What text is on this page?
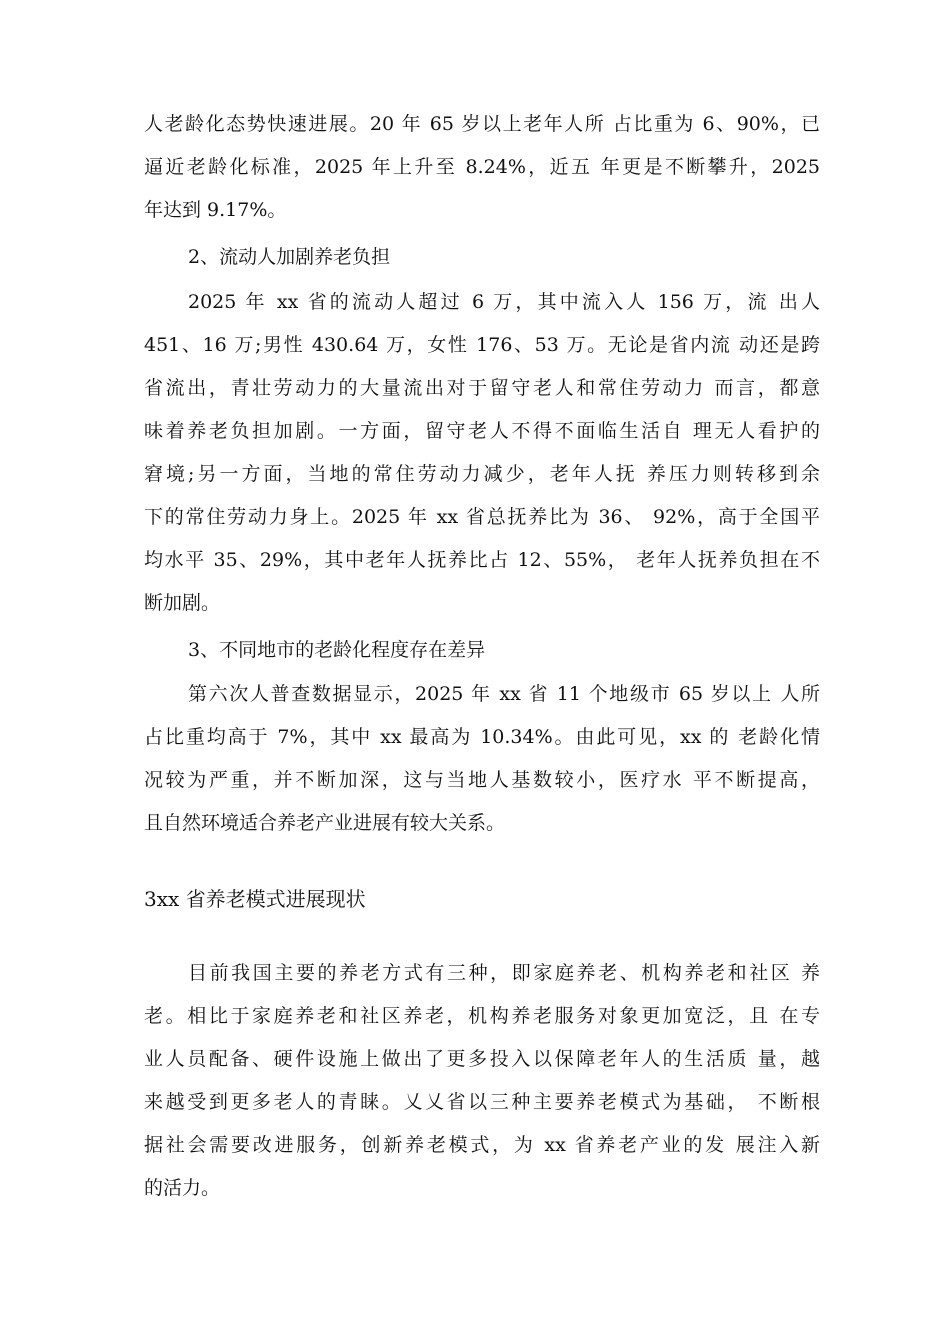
人老龄化态势快速进展。20 年 65 岁以上老年人所 占比重为 6、90%，已
逼近老龄化标准，2025 年上升至 8.24%，近五 年更是不断攀升，2025
年达到 9.17%。
2、流动人加剧养老负担
2025 年 xx 省的流动人超过 6 万，其中流入人 156 万，流 出人
451、16 万;男性 430.64 万，女性 176、53 万。无论是省内流 动还是跨
省流出，青壮劳动力的大量流出对于留守老人和常住劳动力 而言，都意
味着养老负担加剧。一方面，留守老人不得不面临生活自 理无人看护的
窘境;另一方面，当地的常住劳动力减少，老年人抚 养压力则转移到余
下的常住劳动力身上。2025 年 xx 省总抚养比为 36、 92%，高于全国平
均水平 35、29%，其中老年人抚养比占 12、55%， 老年人抚养负担在不
断加剧。
3、不同地市的老龄化程度存在差异
第六次人普查数据显示，2025 年 xx 省 11 个地级市 65 岁以上 人所
占比重均高于 7%，其中 xx 最高为 10.34%。由此可见，xx 的 老龄化情
况较为严重，并不断加深，这与当地人基数较小，医疗水 平不断提高，
且自然环境适合养老产业进展有较大关系。
3xx 省养老模式进展现状
目前我国主要的养老方式有三种，即家庭养老、机构养老和社区 养
老。相比于家庭养老和社区养老，机构养老服务对象更加宽泛，且 在专
业人员配备、硬件设施上做出了更多投入以保障老年人的生活质 量，越
来越受到更多老人的青睐。乂乂省以三种主要养老模式为基础， 不断根
据社会需要改进服务，创新养老模式，为 xx 省养老产业的发 展注入新
的活力。
